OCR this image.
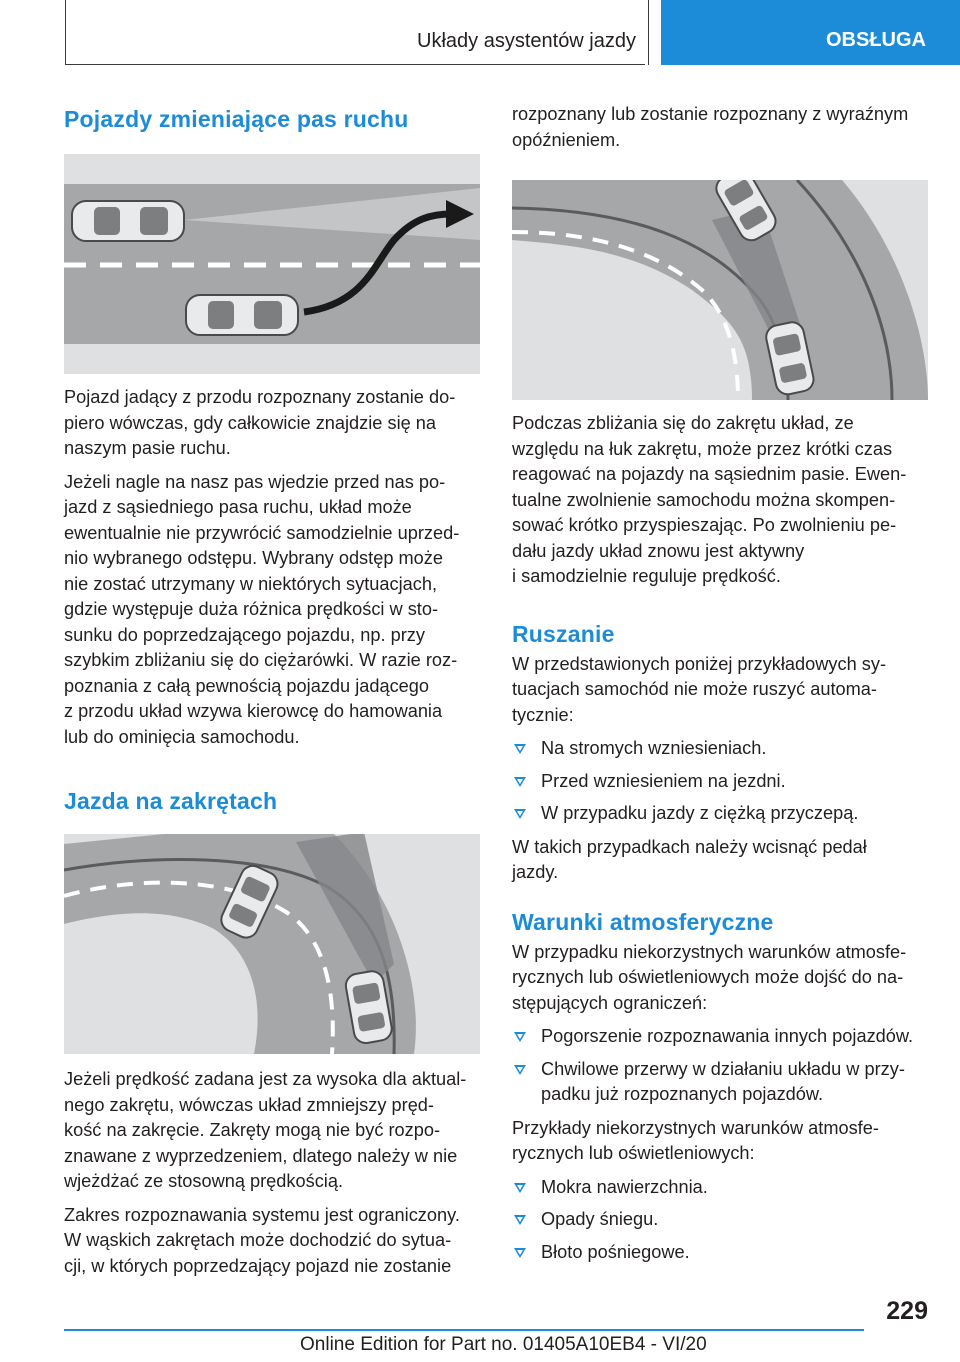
Układy asystentów jazdy	OBSŁUGA
Pojazdy zmieniające pas ruchu

Pojazd jadący z przodu rozpoznany zostanie do-
piero wówczas, gdy całkowicie znajdzie się na
naszym pasie ruchu.

Jeżeli nagle na nasz pas wjedzie przed nas po-
jazd z sąsiedniego pasa ruchu, układ może
ewentualnie nie przywrócić samodzielnie uprzed-
nio wybranego odstępu. Wybrany odstęp może
nie zostać utrzymany w niektórych sytuacjach,
gdzie występuje duża różnica prędkości w sto-
sunku do poprzedzającego pojazdu, np. przy
szybkim zbliżaniu się do ciężarówki. W razie roz-
poznania z całą pewnością pojazdu jadącego
z przodu układ wzywa kierowcę do hamowania
lub do ominięcia samochodu.

Jazda na zakrętach

Jeżeli prędkość zadana jest za wysoka dla aktual-
nego zakrętu, wówczas układ zmniejszy pręd-
kość na zakręcie. Zakręty mogą nie być rozpo-
znawane z wyprzedzeniem, dlatego należy w nie
wjeżdżać ze stosowną prędkością.

Zakres rozpoznawania systemu jest ograniczony.
W wąskich zakrętach może dochodzić do sytua-
cji, w których poprzedzający pojazd nie zostanie

rozpoznany lub zostanie rozpoznany z wyraźnym
opóźnieniem.

Podczas zbliżania się do zakrętu układ, ze
względu na łuk zakrętu, może przez krótki czas
reagować na pojazdy na sąsiednim pasie. Ewen-
tualne zwolnienie samochodu można skompen-
sować krótko przyspieszając. Po zwolnieniu pe-
dału jazdy układ znowu jest aktywny
i samodzielnie reguluje prędkość.

Ruszanie

W przedstawionych poniżej przykładowych sy-
tuacjach samochód nie może ruszyć automa-
tycznie:

Na stromych wzniesieniach.
Przed wzniesieniem na jezdni.
W przypadku jazdy z ciężką przyczepą.

W takich przypadkach należy wcisnąć pedał
jazdy.

Warunki atmosferyczne

W przypadku niekorzystnych warunków atmosfe-
rycznych lub oświetleniowych może dojść do na-
stępujących ograniczeń:

Pogorszenie rozpoznawania innych pojazdów.
Chwilowe przerwy w działaniu układu w przy-
padku już rozpoznanych pojazdów.

Przykłady niekorzystnych warunków atmosfe-
rycznych lub oświetleniowych:

Mokra nawierzchnia.
Opady śniegu.
Błoto pośniegowe.
229
Online Edition for Part no. 01405A10EB4 - VI/20
